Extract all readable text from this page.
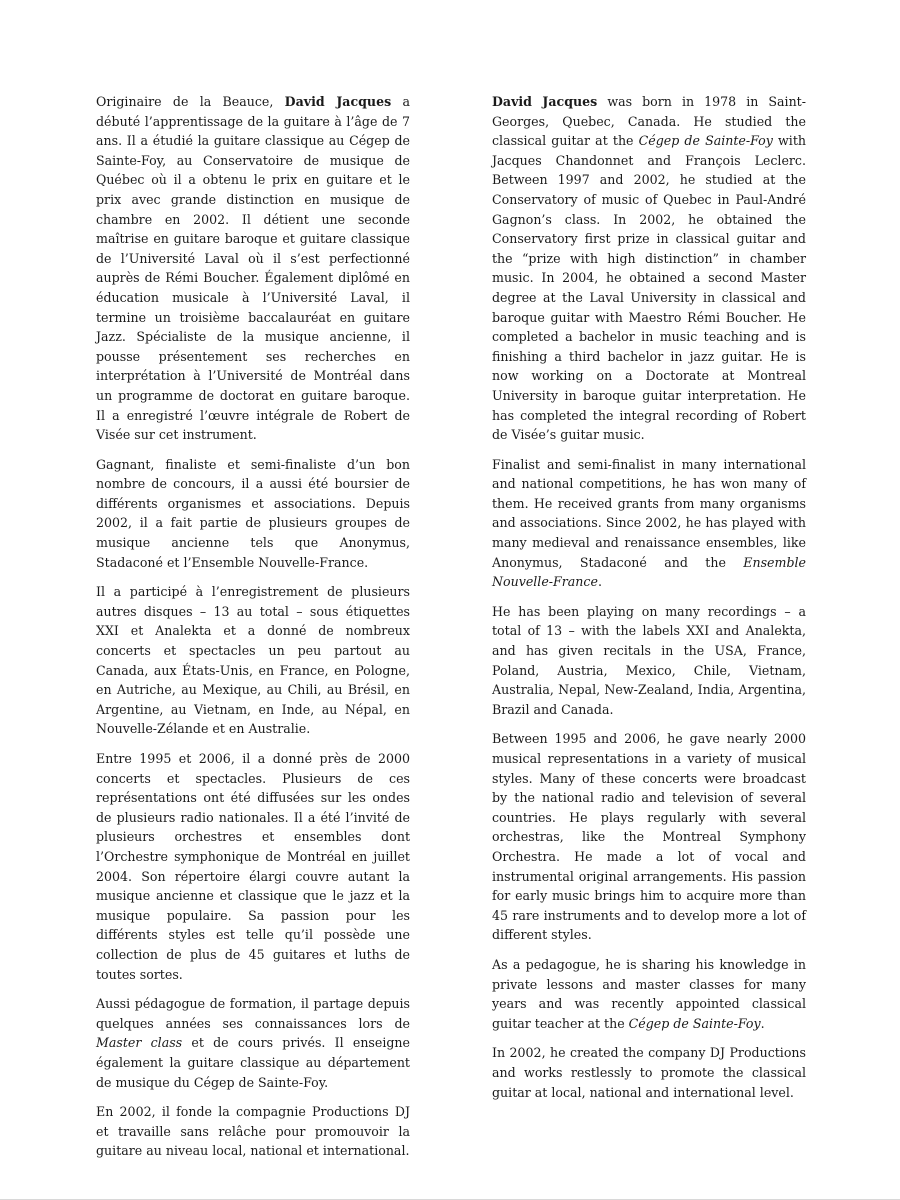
Originaire de la Beauce, David Jacques a débuté l’apprentissage de la guitare à l’âge de 7 ans. Il a étudié la guitare classique au Cégep de Sainte-Foy, au Conservatoire de musique de Québec où il a obtenu le prix en guitare et le prix avec grande distinction en musique de chambre en 2002. Il détient une seconde maîtrise en guitare baroque et guitare classique de l’Université Laval où il s’est perfectionné auprès de Rémi Boucher. Également diplômé en éducation musicale à l’Université Laval, il termine un troisième baccalauréat en guitare Jazz. Spécialiste de la musique ancienne, il pousse présentement ses recherches en interprétation à l’Université de Montréal dans un programme de doctorat en guitare baroque. Il a enregistré l’œuvre intégrale de Robert de Visée sur cet instrument.

Gagnant, finaliste et semi-finaliste d’un bon nombre de concours, il a aussi été boursier de différents organismes et associations. Depuis 2002, il a fait partie de plusieurs groupes de musique ancienne tels que Anonymus, Stadaconé et l’Ensemble Nouvelle-France.

Il a participé à l’enregistrement de plusieurs autres disques – 13 au total – sous étiquettes XXI et Analekta et a donné de nombreux concerts et spectacles un peu partout au Canada, aux États-Unis, en France, en Pologne, en Autriche, au Mexique, au Chili, au Brésil, en Argentine, au Vietnam, en Inde, au Népal, en Nouvelle-Zélande et en Australie.

Entre 1995 et 2006, il a donné près de 2000 concerts et spectacles. Plusieurs de ces représentations ont été diffusées sur les ondes de plusieurs radio nationales. Il a été l’invité de plusieurs orchestres et ensembles dont l’Orchestre symphonique de Montréal en juillet 2004. Son répertoire élargi couvre autant la musique ancienne et classique que le jazz et la musique populaire. Sa passion pour les différents styles est telle qu’il possède une collection de plus de 45 guitares et luths de toutes sortes.

Aussi pédagogue de formation, il partage depuis quelques années ses connaissances lors de Master class et de cours privés. Il enseigne également la guitare classique au département de musique du Cégep de Sainte-Foy.

En 2002, il fonde la compagnie Productions DJ et travaille sans relâche pour promouvoir la guitare au niveau local, national et international.

David Jacques was born in 1978 in Saint-Georges, Quebec, Canada. He studied the classical guitar at the Cégep de Sainte-Foy with Jacques Chandonnet and François Leclerc. Between 1997 and 2002, he studied at the Conservatory of music of Quebec in Paul-André Gagnon’s class. In 2002, he obtained the Conservatory first prize in classical guitar and the “prize with high distinction” in chamber music. In 2004, he obtained a second Master degree at the Laval University in classical and baroque guitar with Maestro Rémi Boucher. He completed a bachelor in music teaching and is finishing a third bachelor in jazz guitar. He is now working on a Doctorate at Montreal University in baroque guitar interpretation. He has completed the integral recording of Robert de Visée’s guitar music.

Finalist and semi-finalist in many international and national competitions, he has won many of them. He received grants from many organisms and associations. Since 2002, he has played with many medieval and renaissance ensembles, like Anonymus, Stadaconé and the Ensemble Nouvelle-France.

He has been playing on many recordings – a total of 13 – with the labels XXI and Analekta, and has given recitals in the USA, France, Poland, Austria, Mexico, Chile, Vietnam, Australia, Nepal, New-Zealand, India, Argentina, Brazil and Canada.

Between 1995 and 2006, he gave nearly 2000 musical representations in a variety of musical styles. Many of these concerts were broadcast by the national radio and television of several countries. He plays regularly with several orchestras, like the Montreal Symphony Orchestra. He made a lot of vocal and instrumental original arrangements. His passion for early music brings him to acquire more than 45 rare instruments and to develop more a lot of different styles.

As a pedagogue, he is sharing his knowledge in private lessons and master classes for many years and was recently appointed classical guitar teacher at the Cégep de Sainte-Foy.

In 2002, he created the company DJ Productions and works restlessly to promote the classical guitar at local, national and international level.
